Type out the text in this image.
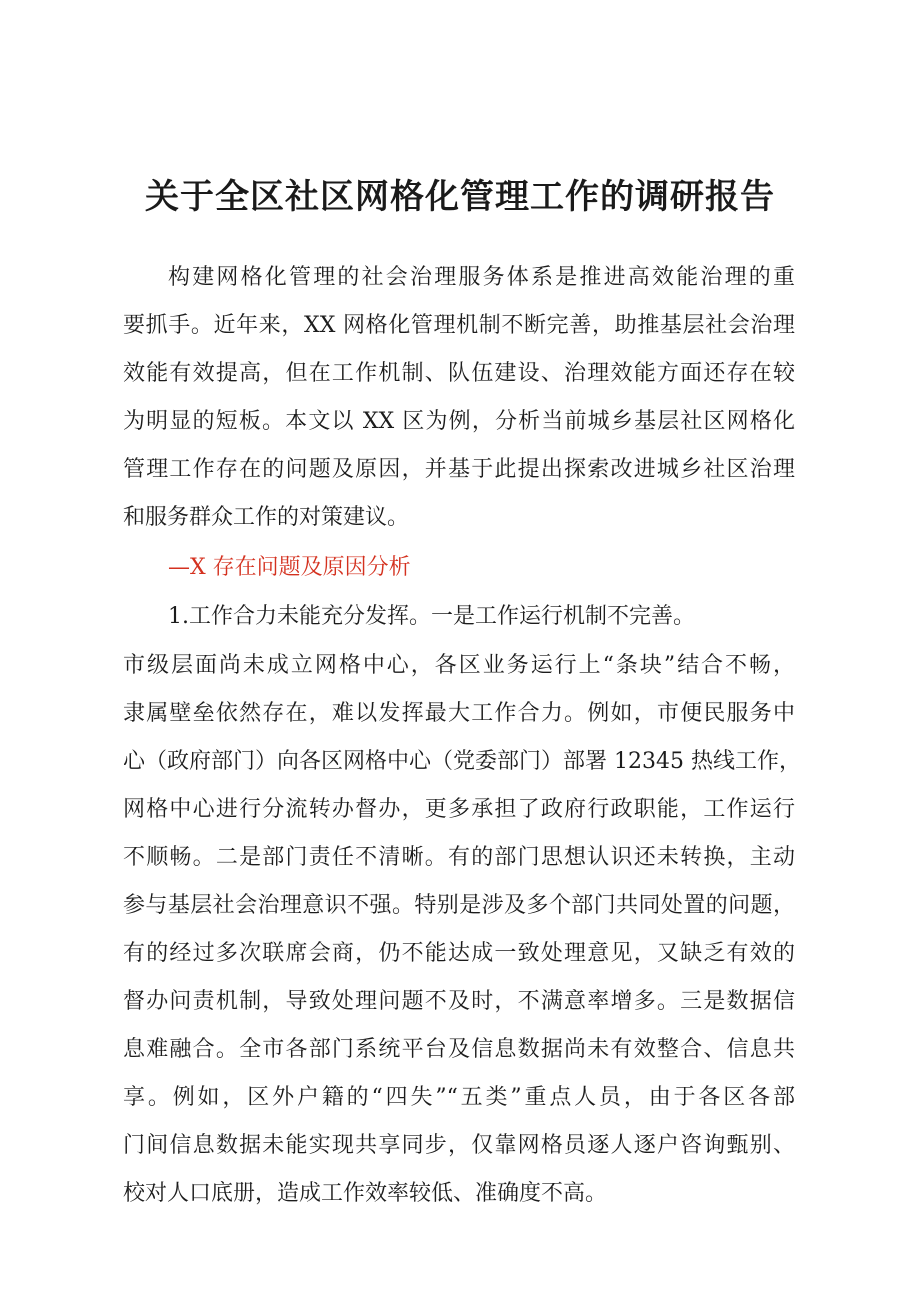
关于全区社区网格化管理工作的调研报告
构建网格化管理的社会治理服务体系是推进高效能治理的重
要抓手。近年来，XX 网格化管理机制不断完善，助推基层社会治理
效能有效提高，但在工作机制、队伍建设、治理效能方面还存在较
为明显的短板。本文以 XX 区为例，分析当前城乡基层社区网格化
管理工作存在的问题及原因，并基于此提出探索改进城乡社区治理
和服务群众工作的对策建议。
—X 存在问题及原因分析
1.工作合力未能充分发挥。一是工作运行机制不完善。
市级层面尚未成立网格中心，各区业务运行上“条块”结合不畅，
隶属壁垒依然存在，难以发挥最大工作合力。例如，市便民服务中
心（政府部门）向各区网格中心（党委部门）部署 12345 热线工作，
网格中心进行分流转办督办，更多承担了政府行政职能，工作运行
不顺畅。二是部门责任不清晰。有的部门思想认识还未转换，主动
参与基层社会治理意识不强。特别是涉及多个部门共同处置的问题，
有的经过多次联席会商，仍不能达成一致处理意见，又缺乏有效的
督办问责机制，导致处理问题不及时，不满意率增多。三是数据信
息难融合。全市各部门系统平台及信息数据尚未有效整合、信息共
享。例如，区外户籍的“四失”“五类”重点人员，由于各区各部
门间信息数据未能实现共享同步，仅靠网格员逐人逐户咨询甄别、
校对人口底册，造成工作效率较低、准确度不高。
